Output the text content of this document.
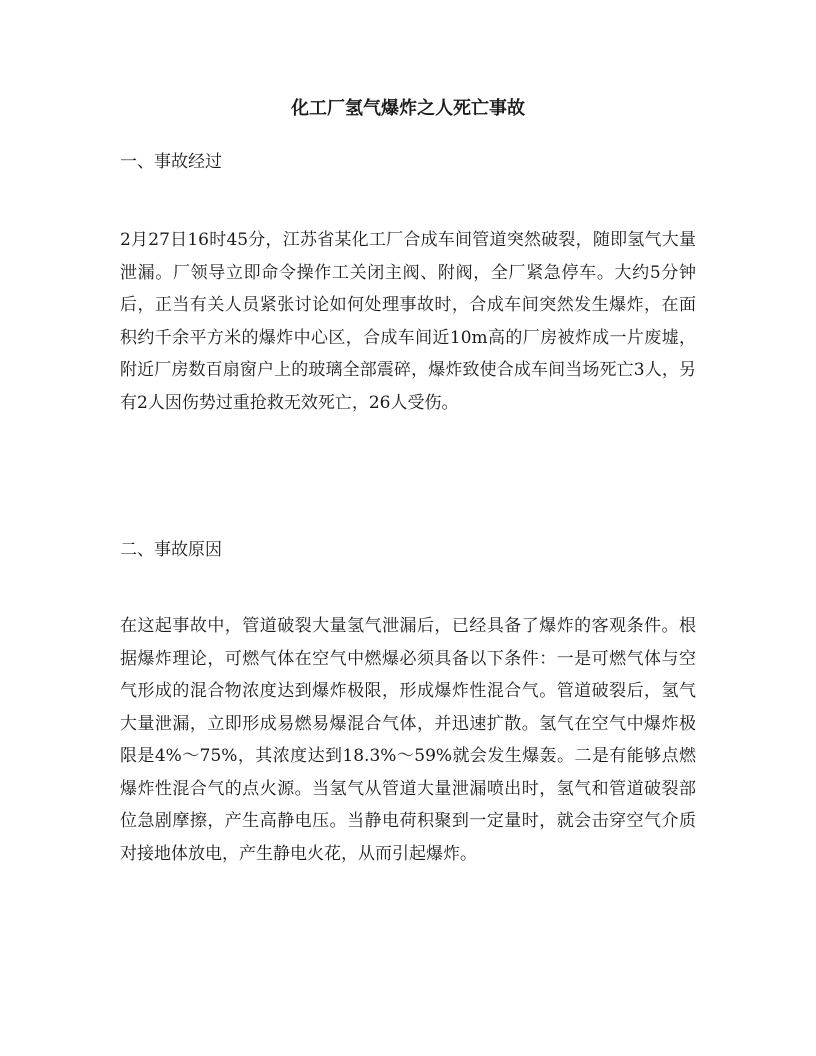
化工厂氢气爆炸之人死亡事故
一、事故经过

2月27日16时45分，江苏省某化工厂合成车间管道突然破裂，随即氢气大量泄漏。厂领导立即命令操作工关闭主阀、附阀，全厂紧急停车。大约5分钟后，正当有关人员紧张讨论如何处理事故时，合成车间突然发生爆炸，在面积约千余平方米的爆炸中心区，合成车间近10m高的厂房被炸成一片废墟，附近厂房数百扇窗户上的玻璃全部震碎，爆炸致使合成车间当场死亡3人，另有2人因伤势过重抢救无效死亡，26人受伤。

二、事故原因

在这起事故中，管道破裂大量氢气泄漏后，已经具备了爆炸的客观条件。根据爆炸理论，可燃气体在空气中燃爆必须具备以下条件：一是可燃气体与空气形成的混合物浓度达到爆炸极限，形成爆炸性混合气。管道破裂后，氢气大量泄漏，立即形成易燃易爆混合气体，并迅速扩散。氢气在空气中爆炸极限是4%～75%，其浓度达到18.3%～59%就会发生爆轰。二是有能够点燃爆炸性混合气的点火源。当氢气从管道大量泄漏喷出时，氢气和管道破裂部位急剧摩擦，产生高静电压。当静电荷积聚到一定量时，就会击穿空气介质对接地体放电，产生静电火花，从而引起爆炸。
